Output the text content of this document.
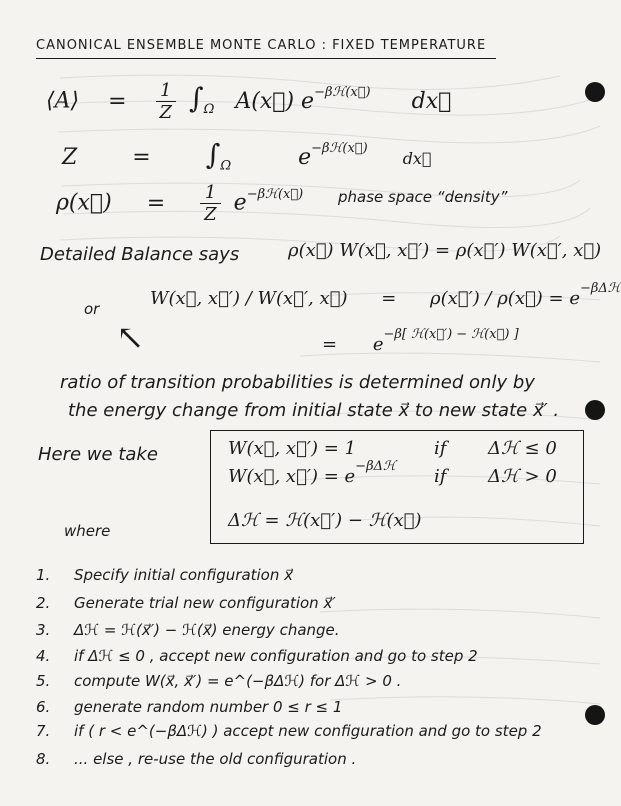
CANONICAL ENSEMBLE MONTE CARLO : FIXED TEMPERATURE
⟨A⟩ = $\frac{1}{Z} \int_\Omega$ A(x⃗) $e^{-\beta ℋ(x⃗)}$ dx⃗
Z	= $\int_\Omega$	$e^{-\beta ℋ(x⃗)}$ dx⃗
ρ(x⃗) = $\frac{1}{Z} e^{-\beta ℋ(x⃗)}$ phase space “density”
Detailed Balance says	ρ(x⃗) W(x⃗, x⃗′) = ρ(x⃗′) W(x⃗′, x⃗)
or	W(x⃗, x⃗′) / W(x⃗′, x⃗) = ρ(x⃗′) / ρ(x⃗) = $e^{-\beta\Delta ℋ}$
= $e^{-\beta[ ℋ(x⃗') - ℋ(x⃗) ]}$
↖
ratio of transition probabilities is determined only by
the energy change from initial state x⃗ to new state x⃗′ .
Here we take
where
W(x⃗, x⃗′) = 1	if Δℋ ≤ 0
W(x⃗, x⃗′) = $e^{-\beta\Delta ℋ}$ if Δℋ > 0
Δℋ = ℋ(x⃗′) − ℋ(x⃗)
1. Specify initial configuration x⃗
2. Generate trial new configuration x⃗′
3. Δℋ = ℋ(x⃗′) − ℋ(x⃗) energy change.
4. if Δℋ ≤ 0 , accept new configuration and go to step 2
5. compute W(x⃗, x⃗′) = e^(−βΔℋ) for Δℋ > 0 .
6. generate random number 0 ≤ r ≤ 1
7. if ( r < e^(−βΔℋ) ) accept new configuration and go to step 2
8. ... else , re-use the old configuration .
